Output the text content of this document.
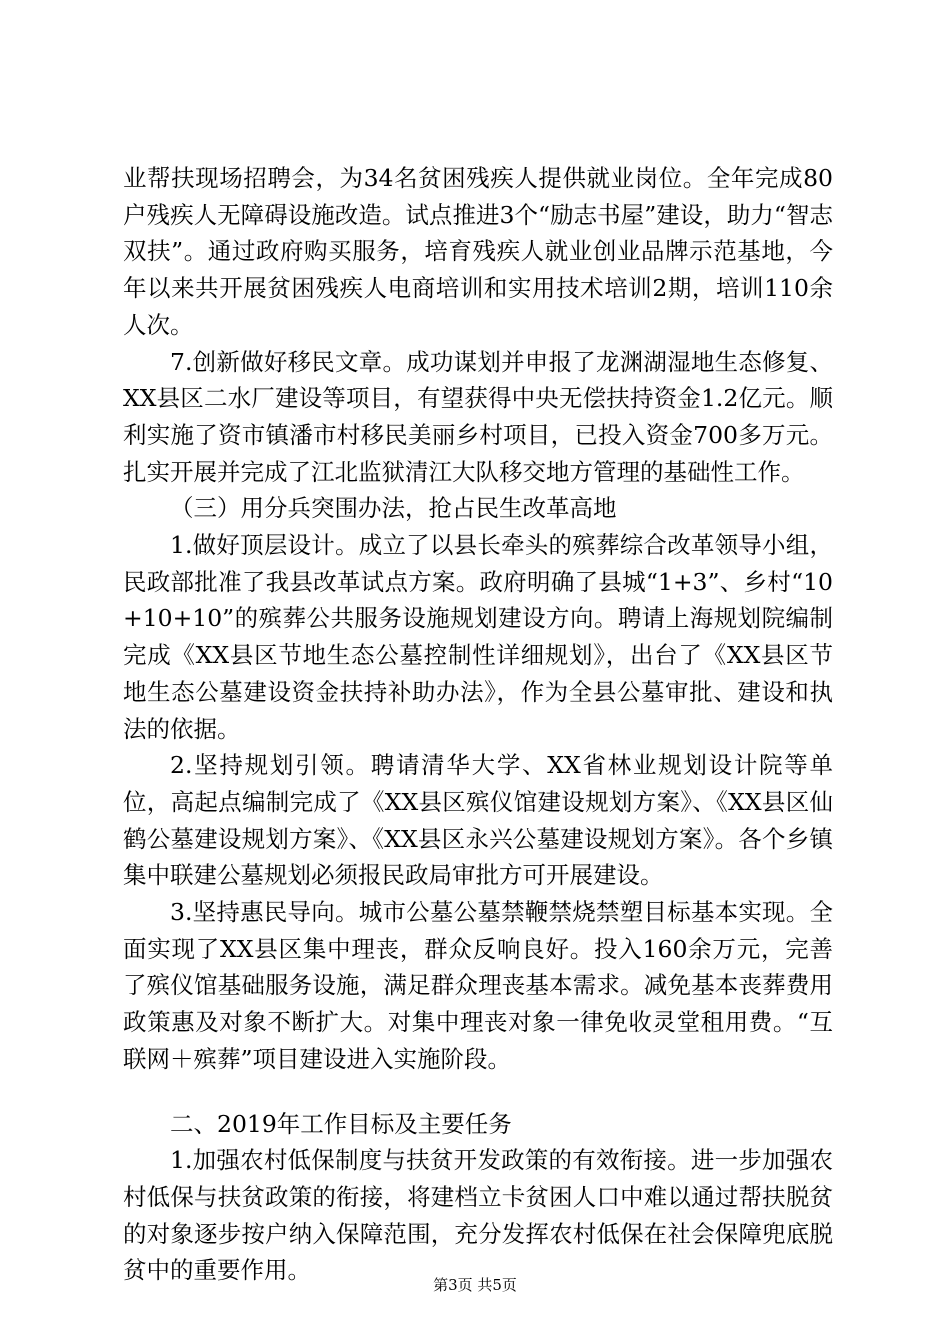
业帮扶现场招聘会，为34名贫困残疾人提供就业岗位。全年完成80户残疾人无障碍设施改造。试点推进3个“励志书屋”建设，助力“智志双扶”。通过政府购买服务，培育残疾人就业创业品牌示范基地，今年以来共开展贫困残疾人电商培训和实用技术培训2期，培训110余人次。

7.创新做好移民文章。成功谋划并申报了龙渊湖湿地生态修复、XX县区二水厂建设等项目，有望获得中央无偿扶持资金1.2亿元。顺利实施了资市镇潘市村移民美丽乡村项目，已投入资金700多万元。扎实开展并完成了江北监狱清江大队移交地方管理的基础性工作。

（三）用分兵突围办法，抢占民生改革高地

1.做好顶层设计。成立了以县长牵头的殡葬综合改革领导小组，民政部批准了我县改革试点方案。政府明确了县城“1+3”、乡村“10+10+10”的殡葬公共服务设施规划建设方向。聘请上海规划院编制完成《XX县区节地生态公墓控制性详细规划》，出台了《XX县区节地生态公墓建设资金扶持补助办法》，作为全县公墓审批、建设和执法的依据。

2.坚持规划引领。聘请清华大学、XX省林业规划设计院等单位，高起点编制完成了《XX县区殡仪馆建设规划方案》、《XX县区仙鹤公墓建设规划方案》、《XX县区永兴公墓建设规划方案》。各个乡镇集中联建公墓规划必须报民政局审批方可开展建设。

3.坚持惠民导向。城市公墓公墓禁鞭禁烧禁塑目标基本实现。全面实现了XX县区集中理丧，群众反响良好。投入160余万元，完善了殡仪馆基础服务设施，满足群众理丧基本需求。减免基本丧葬费用政策惠及对象不断扩大。对集中理丧对象一律免收灵堂租用费。“互联网＋殡葬”项目建设进入实施阶段。

二、2019年工作目标及主要任务

1.加强农村低保制度与扶贫开发政策的有效衔接。进一步加强农村低保与扶贫政策的衔接，将建档立卡贫困人口中难以通过帮扶脱贫的对象逐步按户纳入保障范围，充分发挥农村低保在社会保障兜底脱贫中的重要作用。

第3页 共5页
